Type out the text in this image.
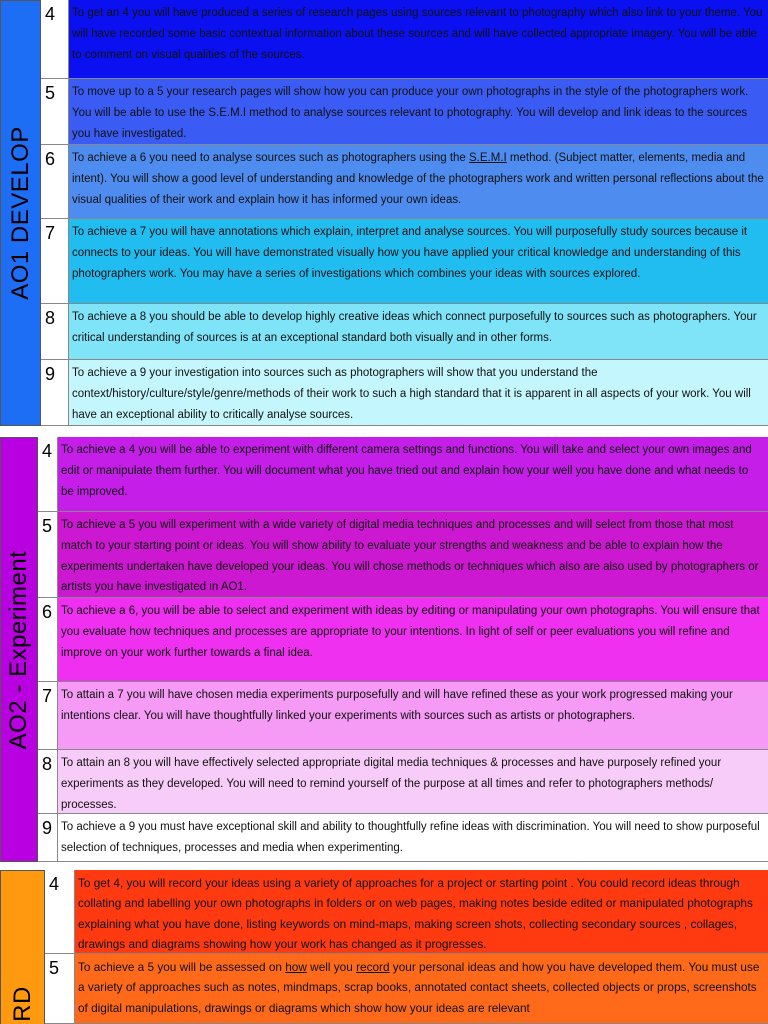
AO1 DEVELOP
4	To get an 4 you will have produced a series of research pages using sources relevant to photography which also link to your theme. You will have recorded some basic contextual information about these sources and will have collected appropriate imagery. You will be able to comment on visual qualities of the sources.
5	To move up to a 5 your research pages will show how you can produce your own photographs in the style of the photographers work. You will be able to use the S.E.M.I method to analyse sources relevant to photography. You will develop and link ideas to the sources you have investigated.
6	To achieve a 6 you need to analyse sources such as photographers using the S.E.M.I method. (Subject matter, elements, media and intent). You will show a good level of understanding and knowledge of the photographers work and written personal reflections about the visual qualities of their work and explain how it has informed your own ideas.
7	To achieve a 7 you will have annotations which explain, interpret and analyse sources. You will purposefully study sources because it connects to your ideas. You will have demonstrated visually how you have applied your critical knowledge and understanding of this photographers work. You may have a series of investigations which combines your ideas with sources explored.
8	To achieve a 8 you should be able to develop highly creative ideas which connect purposefully to sources such as photographers. Your critical understanding of sources is at an exceptional standard both visually and in other forms.
9	To achieve a 9 your investigation into sources such as photographers will show that you understand the context/history/culture/style/genre/methods of their work to such a high standard that it is apparent in all aspects of your work. You will have an exceptional ability to critically analyse sources.
AO2 - Experiment
4 To achieve a 4 you will be able to experiment with different camera settings and functions. You will take and select your own images and edit or manipulate them further. You will document what you have tried out and explain how your well you have done and what needs to be improved.
5 To achieve a 5 you will experiment with a wide variety of digital media techniques and processes and will select from those that most match to your starting point or ideas. You will show ability to evaluate your strengths and weakness and be able to explain how the experiments undertaken have developed your ideas. You will chose methods or techniques which also are also used by photographers or artists you have investigated in AO1.
6 To achieve a 6, you will be able to select and experiment with ideas by editing or manipulating your own photographs. You will ensure that you evaluate how techniques and processes are appropriate to your intentions. In light of self or peer evaluations you will refine and improve on your work further towards a final idea.
7 To attain a 7 you will have chosen media experiments purposefully and will have refined these as your work progressed making your intentions clear. You will have thoughtfully linked your experiments with sources such as artists or photographers.
8 To attain an 8 you will have effectively selected appropriate digital media techniques & processes and have purposely refined your experiments as they developed. You will need to remind yourself of the purpose at all times and refer to photographers methods/ processes.
9 To achieve a 9 you must have exceptional skill and ability to thoughtfully refine ideas with discrimination. You will need to show purposeful selection of techniques, processes and media when experimenting.
RD
4	To get 4, you will record your ideas using a variety of approaches for a project or starting point . You could record ideas through collating and labelling your own photographs in folders or on web pages, making notes beside edited or manipulated photographs explaining what you have done, listing keywords on mind-maps, making screen shots, collecting secondary sources , collages, drawings and diagrams showing how your work has changed as it progresses.
5	To achieve a 5 you will be assessed on how well you record your personal ideas and how you have developed them. You must use a variety of approaches such as notes, mindmaps, scrap books, annotated contact sheets, collected objects or props, screenshots of digital manipulations, drawings or diagrams which show how your ideas are relevant
